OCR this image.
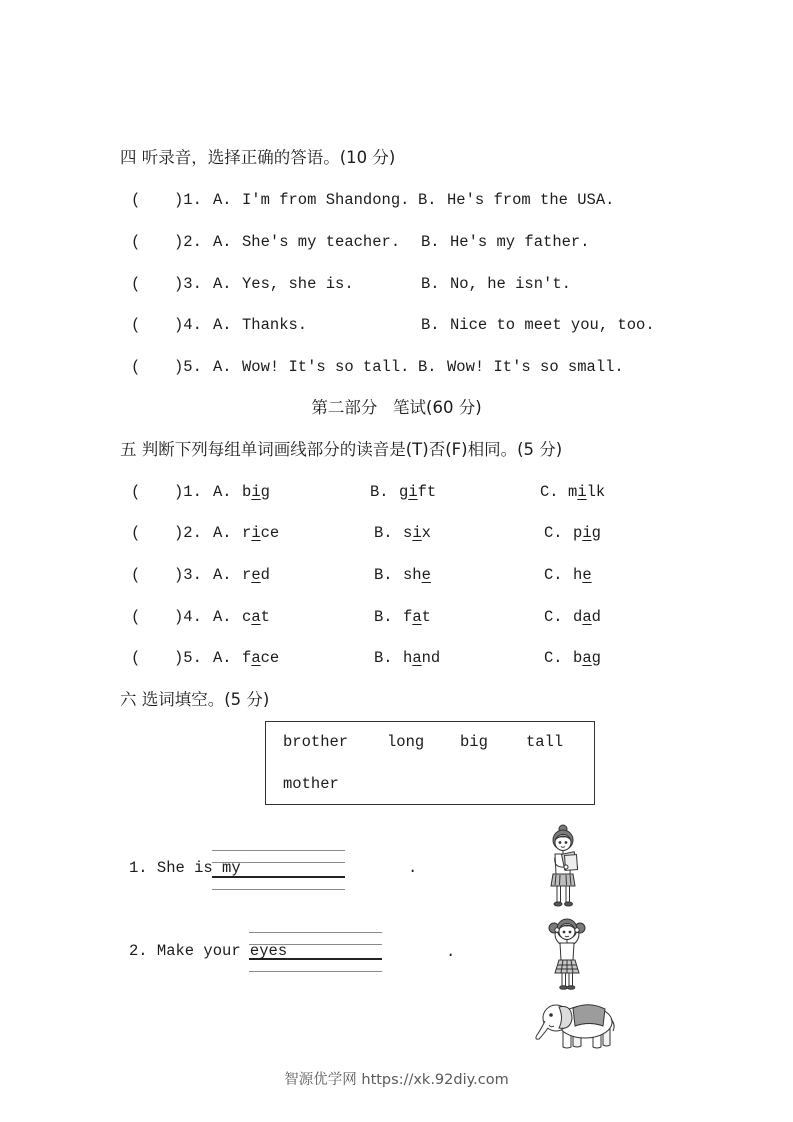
四 听录音，选择正确的答语。(10 分)
( )1. A. I'm from Shandong. B. He's from the USA.
( )2. A. She's my teacher. B. He's my father.
( )3. A. Yes, she is.	B. No, he isn't.
( )4. A. Thanks.	B. Nice to meet you, too.
( )5. A. Wow! It's so tall. B. Wow! It's so small.
第二部分   笔试(60 分)
五 判断下列每组单词画线部分的读音是(T)否(F)相同。(5 分)
( )1. A. big	B. gift	C. milk
( )2. A. rice	B. six	C. pig
( )3. A. red	B. she	C. he
( )4. A. cat	B. fat	C. dad
( )5. A. face	B. hand	C. bag
六 选词填空。(5 分)
brother	long big tall
mother
1. She is my	.
2. Make your eyes	.
智源优学网 https://xk.92diy.com
